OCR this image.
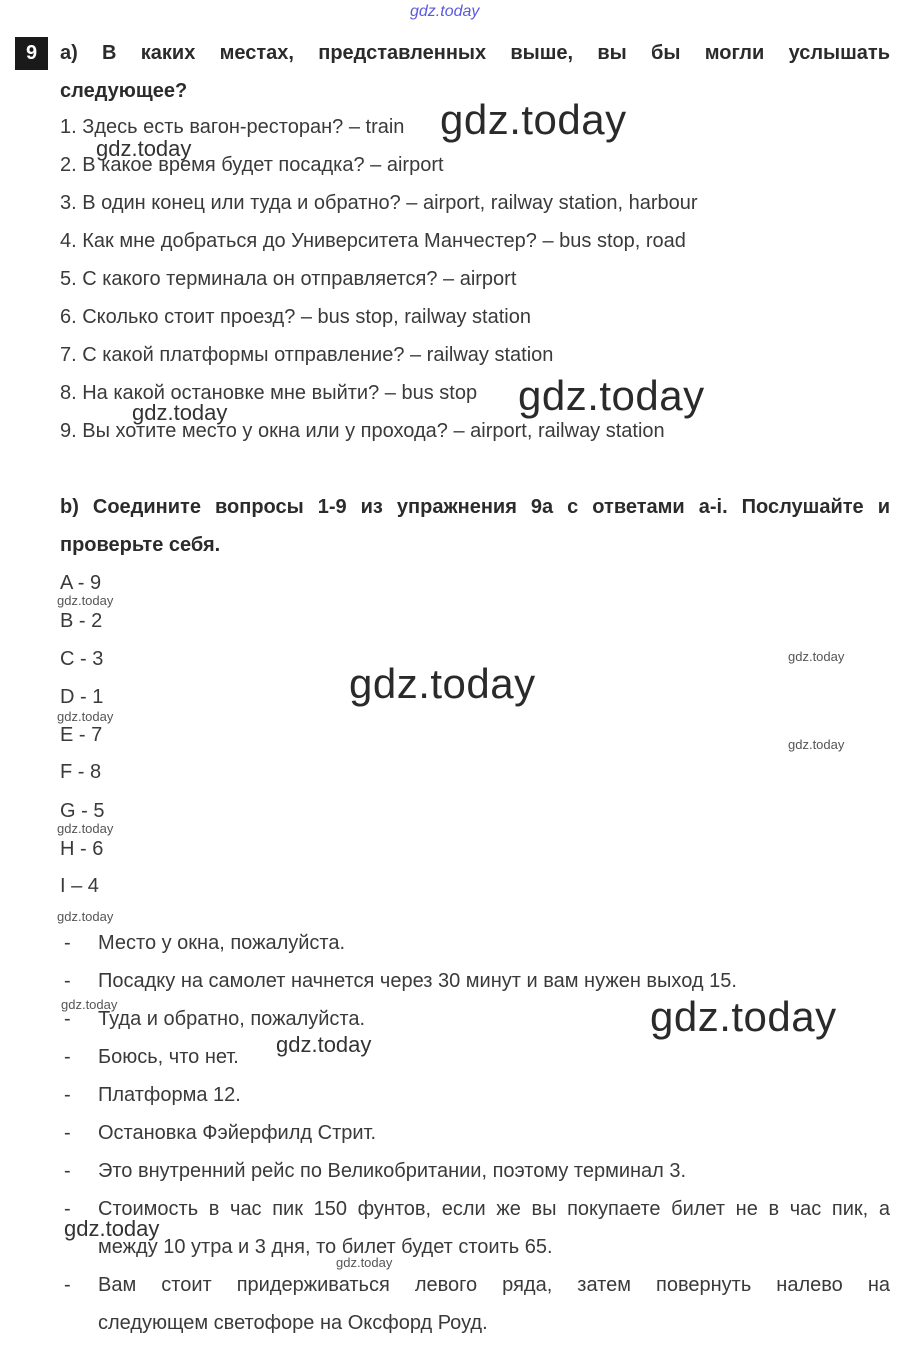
gdz.today
9	a) В каких местах, представленных выше, вы бы могли услышать
следующее?
1. Здесь есть вагон-ресторан? – train
2. В какое время будет посадка? – airport
3. В один конец или туда и обратно? – airport, railway station, harbour
4. Как мне добраться до Университета Манчестер? – bus stop, road
5. С какого терминала он отправляется? – airport
6. Сколько стоит проезд? – bus stop, railway station
7. С какой платформы отправление? – railway station
8. На какой остановке мне выйти? – bus stop
9. Вы хотите место у окна или у прохода? – airport, railway station
b) Соедините вопросы 1-9 из упражнения 9а с ответами a-i. Послушайте и
проверьте себя.
A - 9
B - 2
C - 3
D - 1
E - 7
F - 8
G - 5
H - 6
I – 4
- Место у окна, пожалуйста.
- Посадку на самолет начнется через 30 минут и вам нужен выход 15.
- Туда и обратно, пожалуйста.
- Боюсь, что нет.
- Платформа 12.
- Остановка Фэйерфилд Стрит.
- Это внутренний рейс по Великобритании, поэтому терминал 3.
- Стоимость в час пик 150 фунтов, если же вы покупаете билет не в час пик, а
между 10 утра и 3 дня, то билет будет стоить 65.
- Вам стоит придерживаться левого ряда, затем повернуть налево на
следующем светофоре на Оксфорд Роуд.
gdz.today
gdz.today
gdz.today
gdz.today
gdz.today
gdz.today
gdz.today
gdz.today
gdz.today
gdz.today
gdz.today
gdz.today	gdz.today
gdz.today
gdz.today
gdz.today
